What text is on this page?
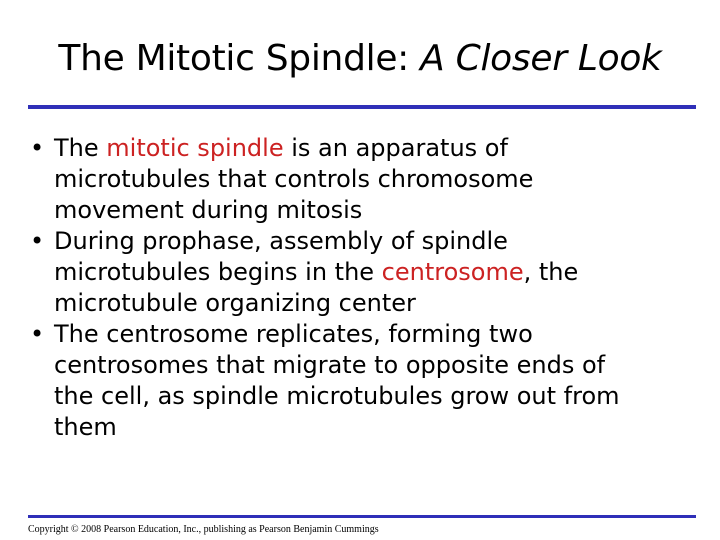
The Mitotic Spindle: A Closer Look
• The mitotic spindle is an apparatus of
microtubules that controls chromosome
movement during mitosis
• During prophase, assembly of spindle
microtubules begins in the centrosome, the
microtubule organizing center
• The centrosome replicates, forming two
centrosomes that migrate to opposite ends of
the cell, as spindle microtubules grow out from
them
Copyright © 2008 Pearson Education, Inc., publishing as Pearson Benjamin Cummings
